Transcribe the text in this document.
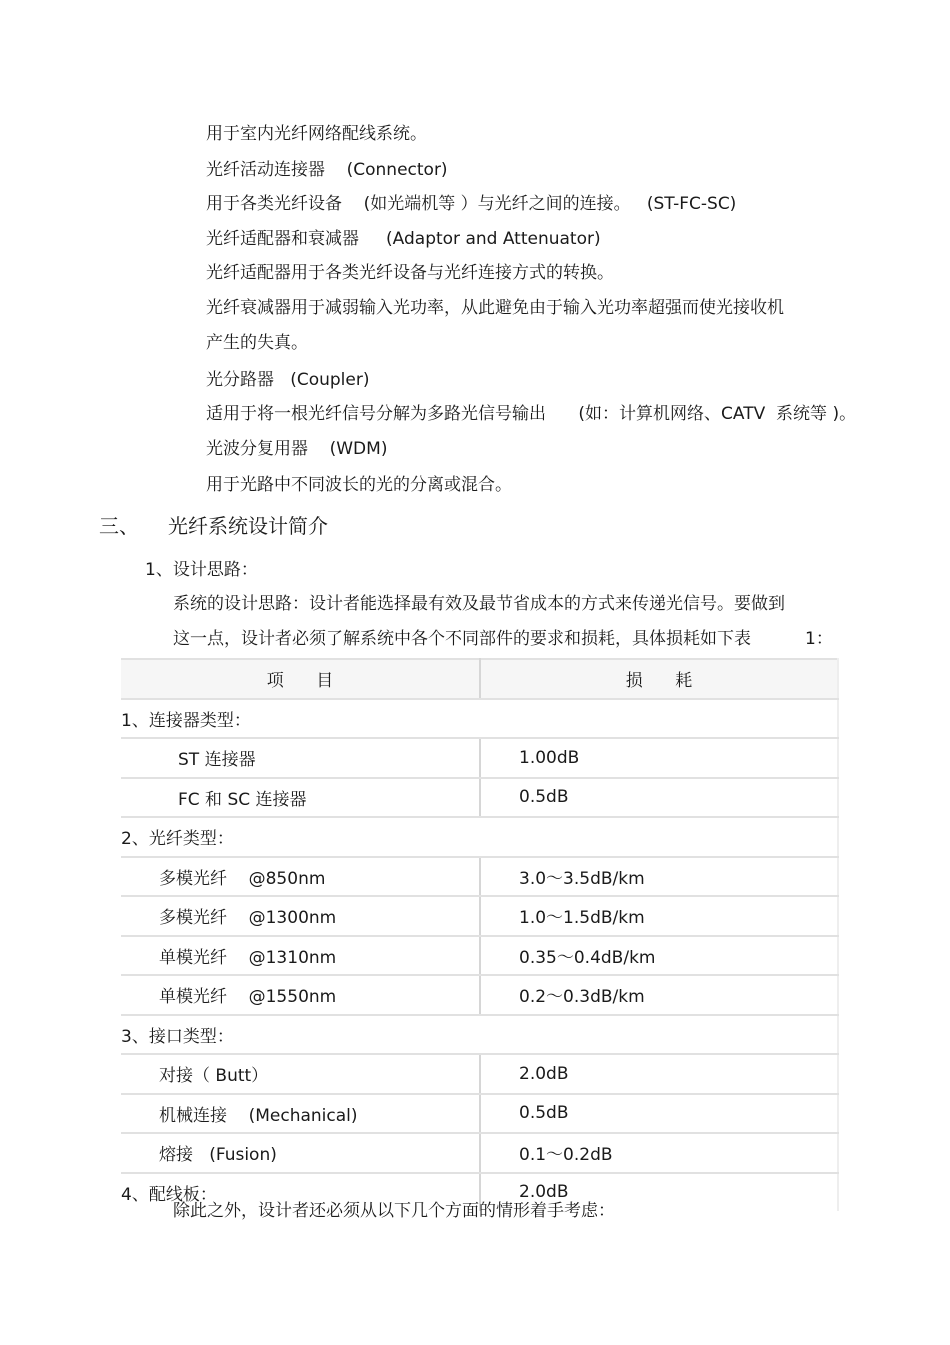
用于室内光纤网络配线系统。
光纤活动连接器    (Connector)
用于各类光纤设备    (如光端机等 ）与光纤之间的连接。   (ST-FC-SC)
光纤适配器和衰减器     (Adaptor and Attenuator)
光纤适配器用于各类光纤设备与光纤连接方式的转换。
光纤衰减器用于减弱输入光功率，从此避免由于输入光功率超强而使光接收机
产生的失真。
光分路器   (Coupler)
适用于将一根光纤信号分解为多路光信号输出      (如：计算机网络、CATV  系统等 )。
光波分复用器    (WDM)
用于光路中不同波长的光的分离或混合。
三、 光纤系统设计简介
1、设计思路：
系统的设计思路：设计者能选择最有效及最节省成本的方式来传递光信号。要做到
这一点，设计者必须了解系统中各个不同部件的要求和损耗，具体损耗如下表          1：
项      目	损      耗
1、连接器类型：	
ST 连接器	1.00dB
FC 和 SC 连接器	0.5dB
2、光纤类型：	
多模光纤    @850nm	3.0～3.5dB/km
多模光纤    @1300nm	1.0～1.5dB/km
单模光纤    @1310nm	0.35～0.4dB/km
单模光纤    @1550nm	0.2～0.3dB/km
3、接口类型：	
对接（ Butt）	2.0dB
机械连接    (Mechanical)	0.5dB
熔接   (Fusion)	0.1～0.2dB
4、配线板：	2.0dB
除此之外，设计者还必须从以下几个方面的情形着手考虑：
